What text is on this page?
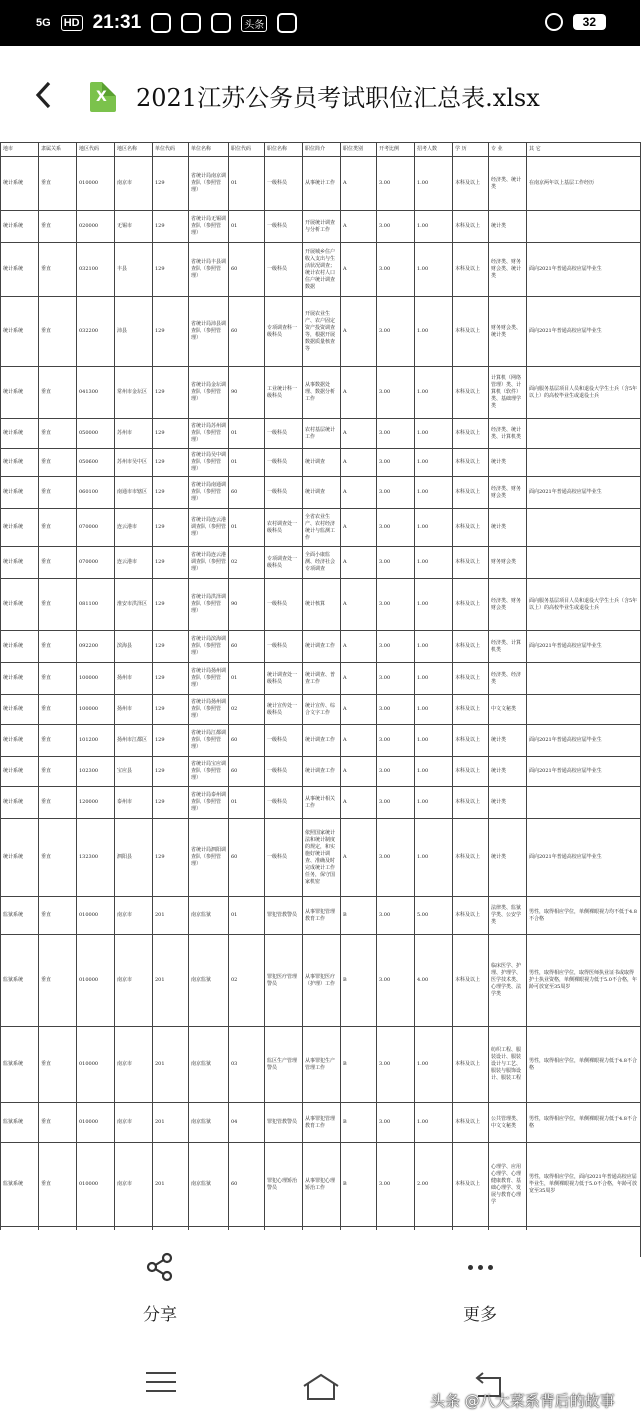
5G HD 21:31	头条	32
X 2021江苏公务员考试职位汇总表.xlsx
地市	隶属关系	地区代码	地区名称	单位代码	单位名称	职位代码	职位名称	职位简介	职位类别	开考比例	招考人数	学 历	专 业	其 它
统计系统	垂直	010000	南京市	129	省统计局南京调查队（参照管理）	01	一级科员	从事统计工作	A	3.00	1.00	本科及以上	经济类、统计类	在南京两年以上基层工作经历
统计系统	垂直	020000	无锡市	129	省统计局无锡调查队（参照管理）	01	一级科员	开展统计调查与分析工作	A	3.00	1.00	本科及以上	统计类	
统计系统	垂直	032100	丰县	129	省统计局丰县调查队（参照管理）	60	一级科员	开展城乡住户收入支出与生活状况调查；统计农村人口住户统计调查数据	A	3.00	1.00	本科及以上	经济类、财务财会类、统计类	面向2021年普通高校应届毕业生
统计系统	垂直	032200	沛县	129	省统计局沛县调查队（参照管理）	60	专项调查科一级科员	开展农业生产、农户固定资产投资调查等，根据开展数据质量核查等	A	3.00	1.00	本科及以上	财务财会类、统计类	面向2021年普通高校应届毕业生
统计系统	垂直	041300	常州市金坛区	129	省统计局金坛调查队（参照管理）	90	工业统计科一级科员	从事数据处理、数据分析工作	A	3.00	1.00	本科及以上	计算机（网络管理）类、计算机（软件）类、基础理学类	面向服务基层项目人员和退役大学生士兵（含5年以上）的高校毕业生或退役士兵
统计系统	垂直	050000	苏州市	129	省统计局苏州调查队（参照管理）	01	一级科员	农村基层统计工作	A	3.00	1.00	本科及以上	经济类、统计类、计算机类	
统计系统	垂直	050600	苏州市吴中区	129	省统计局吴中调查队（参照管理）	01	一级科员	统计调查	A	3.00	1.00	本科及以上	统计类	
统计系统	垂直	060100	南通市市辖区	129	省统计局南通调查队（参照管理）	60	一级科员	统计调查	A	3.00	1.00	本科及以上	经济类、财务财会类	面向2021年普通高校应届毕业生
统计系统	垂直	070000	连云港市	129	省统计局连云港调查队（参照管理）	01	农村调查处一级科员	全省农业生产、农村经济统计与监测工作	A	3.00	1.00	本科及以上	统计类	
统计系统	垂直	070000	连云港市	129	省统计局连云港调查队（参照管理）	02	专项调查处一级科员	全面小康监测、经济社会专项调查	A	3.00	1.00	本科及以上	财务财会类	
统计系统	垂直	081100	淮安市洪泽区	129	省统计局洪泽调查队（参照管理）	90	一级科员	统计核算	A	3.00	1.00	本科及以上	经济类、财务财会类	面向服务基层项目人员和退役大学生士兵（含5年以上）的高校毕业生或退役士兵
统计系统	垂直	092200	滨海县	129	省统计局滨海调查队（参照管理）	60	一级科员	统计调查工作	A	3.00	1.00	本科及以上	经济类、计算机类	面向2021年普通高校应届毕业生
统计系统	垂直	100000	扬州市	129	省统计局扬州调查队（参照管理）	01	统计调查处一级科员	统计调查、普查工作	A	3.00	1.00	本科及以上	经济类、经济类	
统计系统	垂直	100000	扬州市	129	省统计局扬州调查队（参照管理）	02	统计宣传处一级科员	统计宣传、综合文字工作	A	3.00	1.00	本科及以上	中文文秘类	
统计系统	垂直	101200	扬州市江都区	129	省统计局江都调查队（参照管理）	60	一级科员	统计调查工作	A	3.00	1.00	本科及以上	统计类	面向2021年普通高校应届毕业生
统计系统	垂直	102300	宝应县	129	省统计局宝应调查队（参照管理）	60	一级科员	统计调查工作	A	3.00	1.00	本科及以上	统计类	面向2021年普通高校应届毕业生
统计系统	垂直	120000	泰州市	129	省统计局泰州调查队（参照管理）	01	一级科员	从事统计相关工作	A	3.00	1.00	本科及以上	统计类	
统计系统	垂直	132300	泗阳县	129	省统计局泗阳调查队（参照管理）	60	一级科员	依照国家统计法和统计制度的规定，和实施好统计调查、准确及时完成统计工作任务，保守国家机密	A	3.00	1.00	本科及以上	统计类	面向2021年普通高校应届毕业生
监狱系统	垂直	010000	南京市	201	南京监狱	01	罪犯管教警员	从事罪犯管理教育工作	B	3.00	5.00	本科及以上	法律类、监狱学类、公安学类	男性，取得相应学位，单侧裸眼视力均不低于4.8不合格
监狱系统	垂直	010000	南京市	201	南京监狱	02	罪犯医疗管理警员	从事罪犯医疗（护理）工作	B	3.00	4.00	本科及以上	临床医学、护理、护理学、医学技术类、心理学类、法学类	男性，取得相应学位，取得医师执业证书或取得护士执业资格，单侧裸眼视力低于5.0不合格，年龄可放宽至35周岁
监狱系统	垂直	010000	南京市	201	南京监狱	03	监区生产管理警员	从事罪犯生产管理工作	B	3.00	1.00	本科及以上	纺织工程、服装设计、服装设计与工艺、服装与服饰设计、服装工程	男性，取得相应学位，单侧裸眼视力低于4.8不合格
监狱系统	垂直	010000	南京市	201	南京监狱	04	罪犯管教警员	从事罪犯管理教育工作	B	3.00	1.00	本科及以上	公共管理类、中文文秘类	男性，取得相应学位，单侧裸眼视力低于4.8不合格
监狱系统	垂直	010000	南京市	201	南京监狱	60	罪犯心理矫治警员	从事罪犯心理矫治工作	B	3.00	2.00	本科及以上	心理学、应用心理学、心理健康教育、基础心理学、发展与教育心理学	男性，取得相应学位，面向2021年普通高校应届毕业生，单侧裸眼视力低于5.0不合格，年龄可放宽至35周岁

分享	更多
头条 @八大菜系背后的故事
